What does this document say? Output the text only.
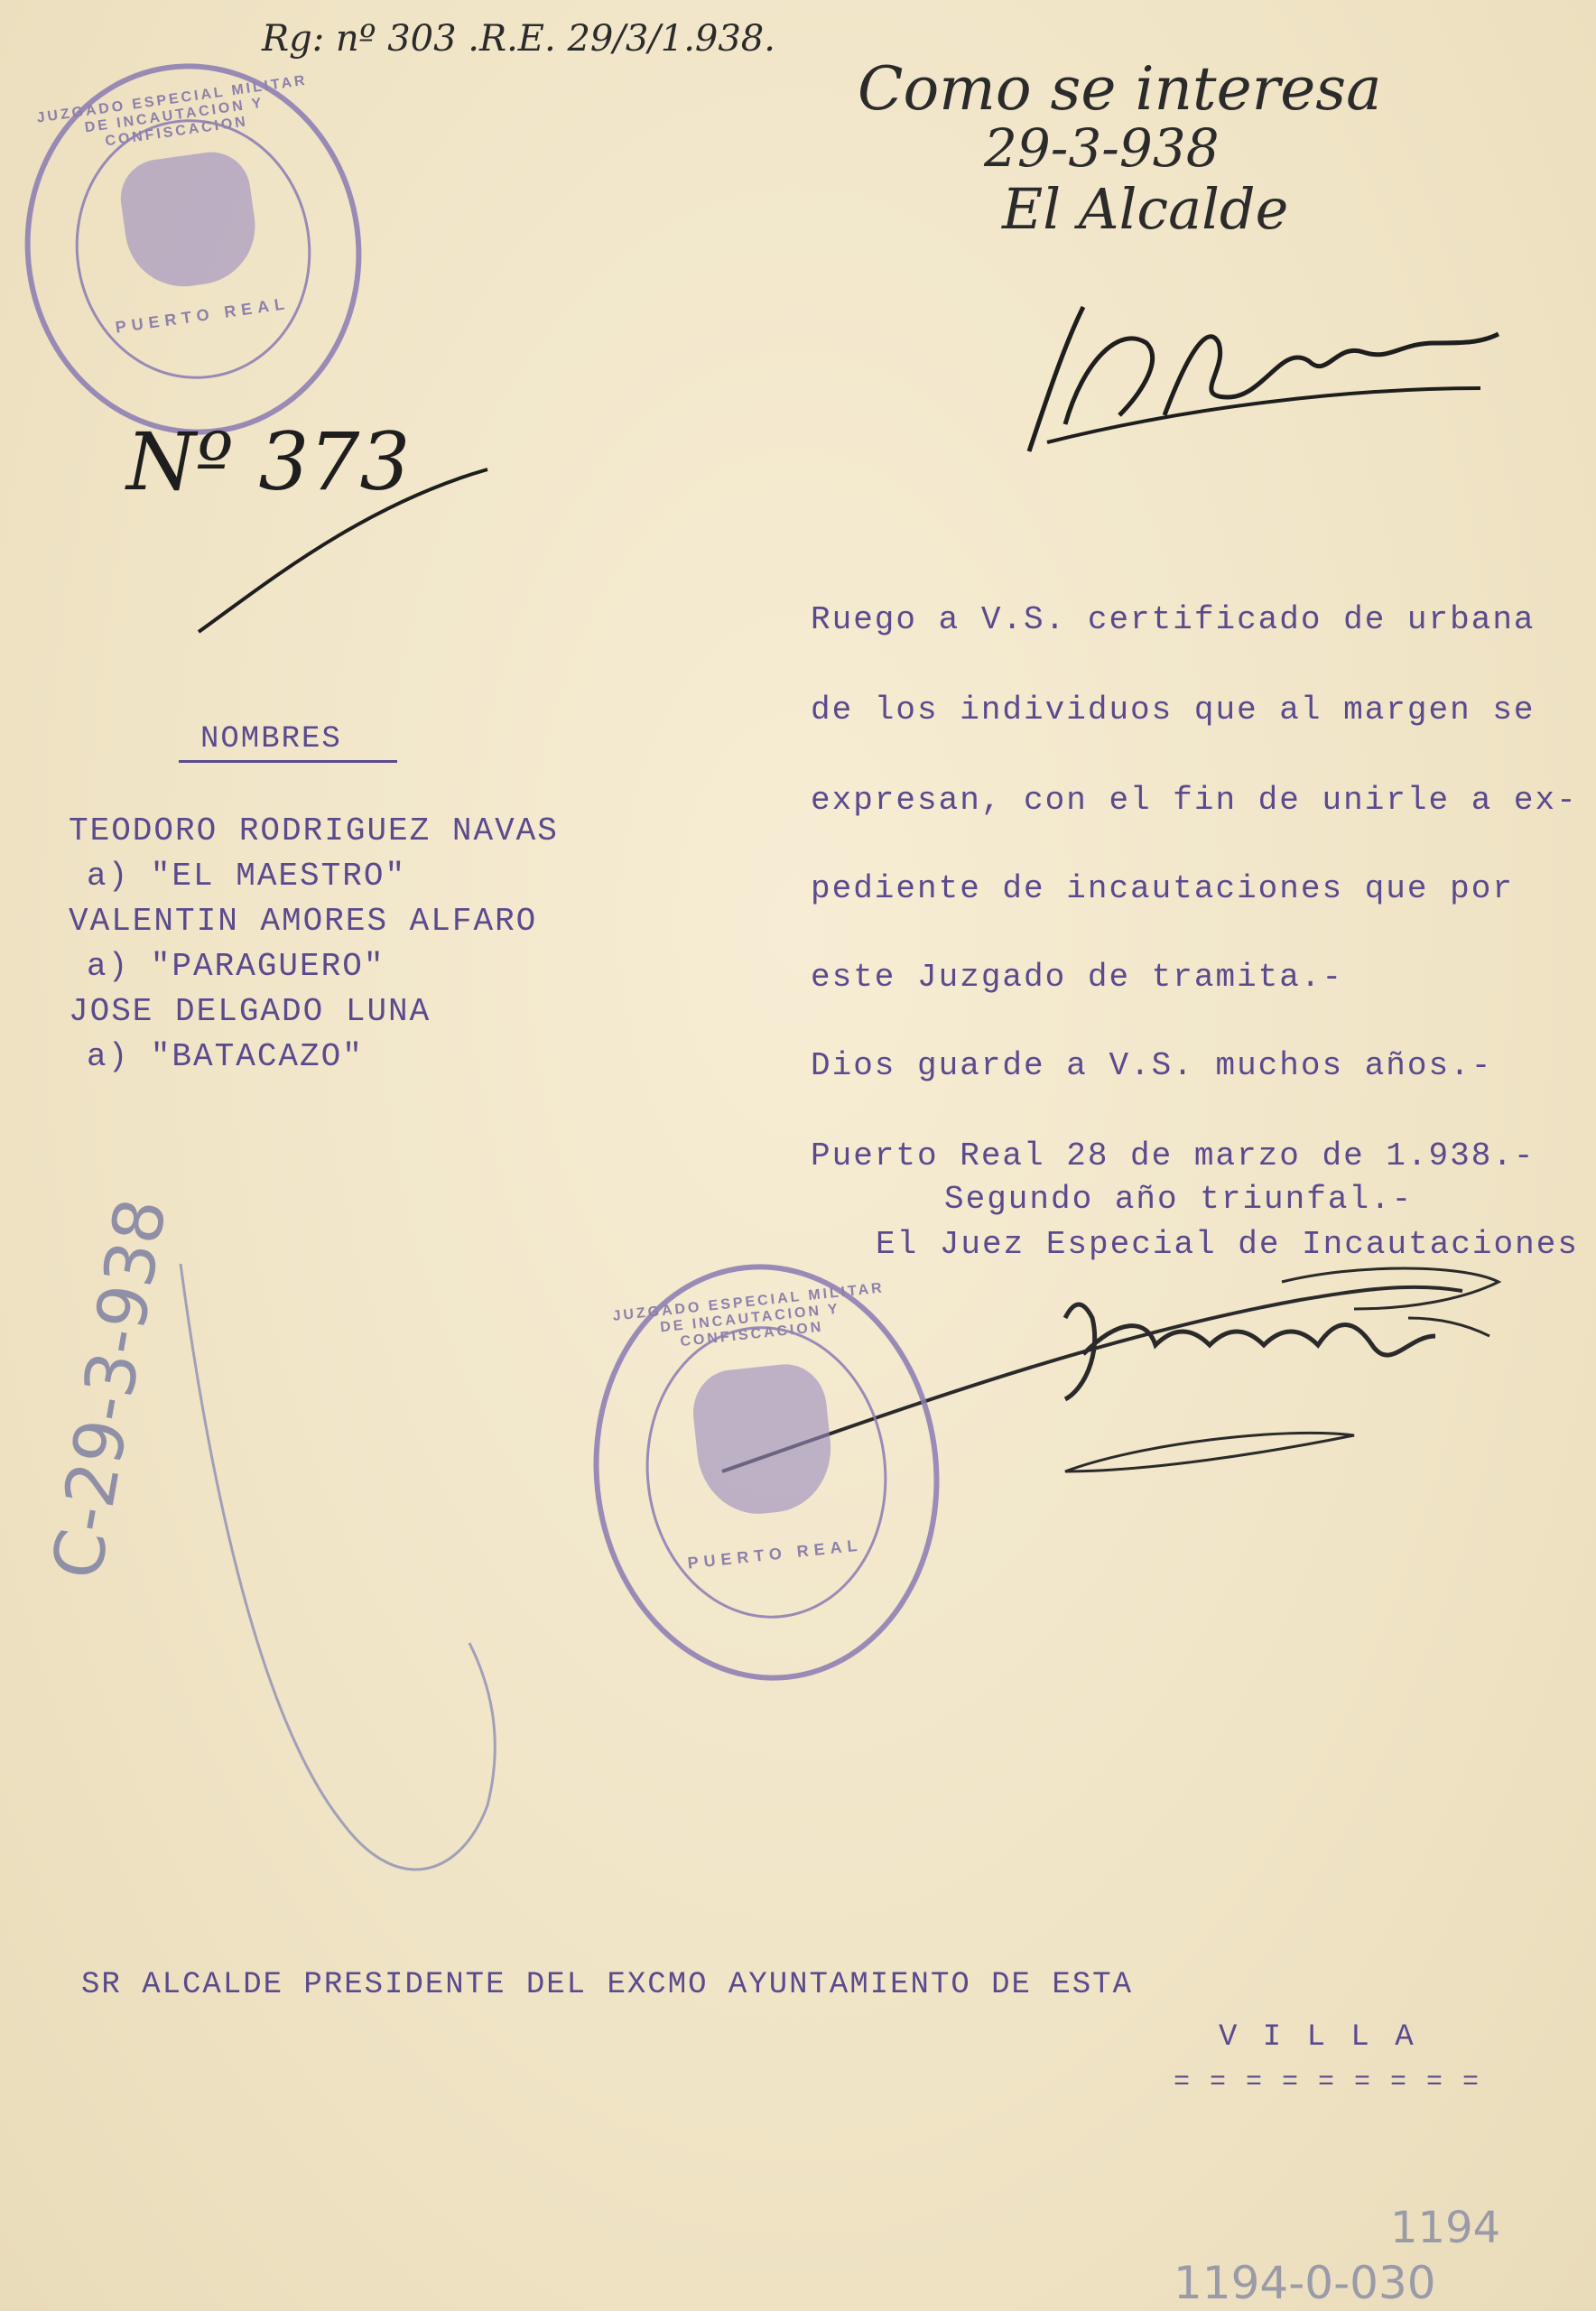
Rg: nº 303 .R.E. 29/3/1.938.
JUZGADO ESPECIAL MILITAR DE INCAUTACION Y CONFISCACION
PUERTO REAL
Nº 373
Como se interesa
29-3-938
El Alcalde
NOMBRES
TEODORO RODRIGUEZ NAVAS
a) "EL MAESTRO"
VALENTIN AMORES ALFARO
a) "PARAGUERO"
JOSE DELGADO LUNA
a) "BATACAZO"
Ruego a V.S. certificado de urbana
de los individuos que al margen se
expresan, con el fin de unirle a ex-
pediente de incautaciones que por
este Juzgado de tramita.-
Dios guarde a V.S. muchos años.-
Puerto Real 28 de marzo de 1.938.-
Segundo año triunfal.-
El Juez Especial de Incautaciones
JUZGADO ESPECIAL MILITAR DE INCAUTACION Y CONFISCACION
PUERTO REAL
C-29-3-938
SR ALCALDE PRESIDENTE DEL EXCMO AYUNTAMIENTO DE ESTA
V I L L A
= = = = = = = = =
1194
1194-0-030
